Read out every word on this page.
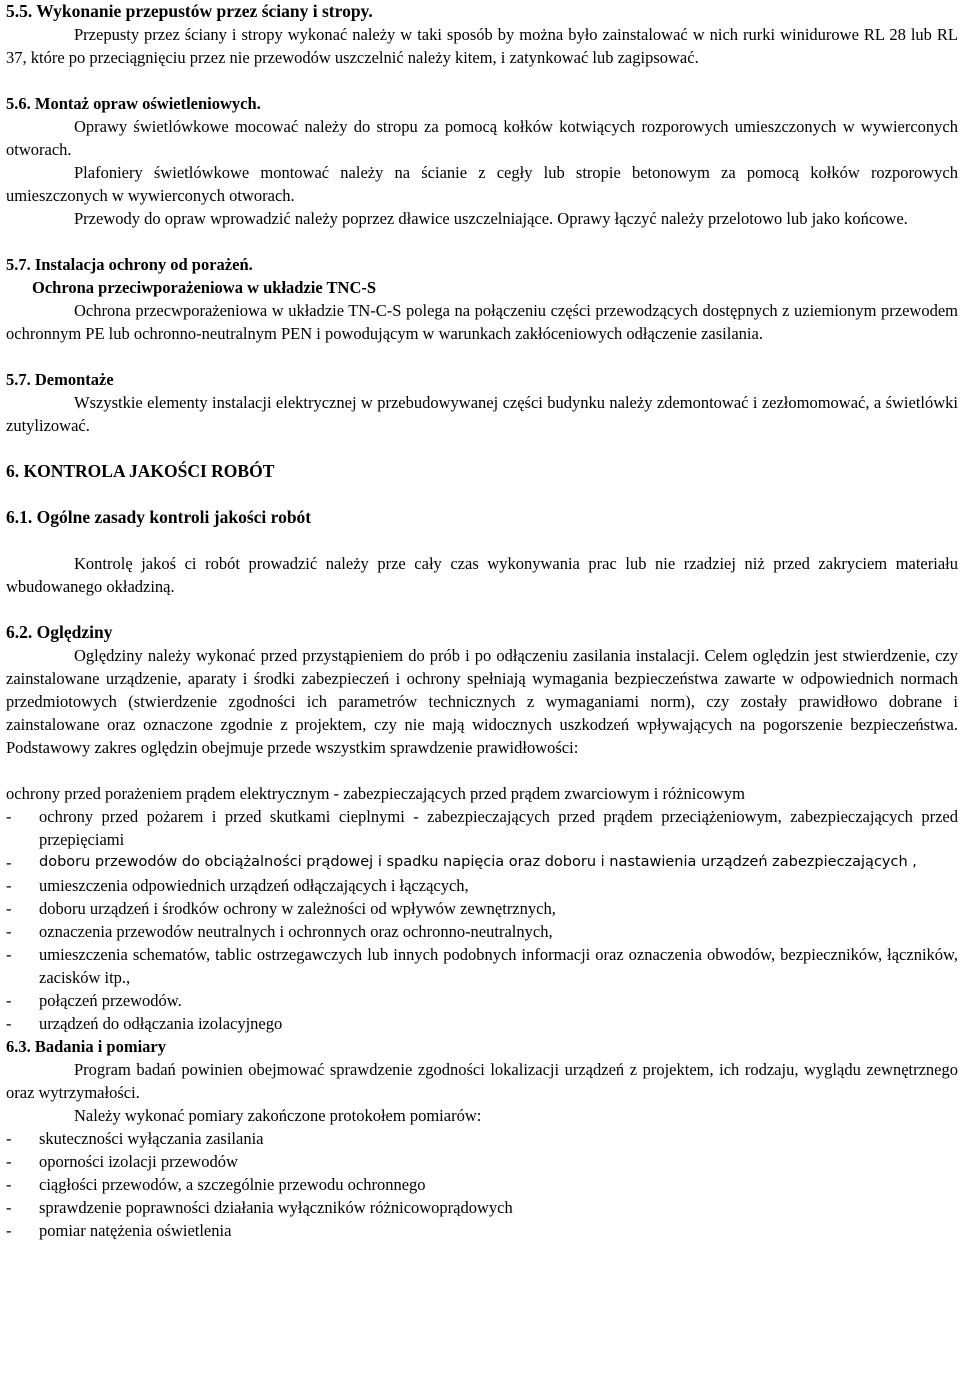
5.5. Wykonanie przepustów przez ściany i stropy.

Przepusty przez ściany i stropy wykonać należy w taki sposób by można było zainstalować w nich rurki winidurowe RL 28 lub RL 37, które po przeciągnięciu przez nie przewodów uszczelnić należy kitem, i zatynkować lub zagipsować.

5.6. Montaż opraw oświetleniowych.

Oprawy świetlówkowe mocować należy do stropu za pomocą kołków kotwiących rozporowych umieszczonych w wywierconych otworach.

Plafoniery świetlówkowe montować należy na ścianie z cegły lub stropie betonowym za pomocą kołków rozporowych umieszczonych w wywierconych otworach.

Przewody do opraw wprowadzić należy poprzez dławice uszczelniające. Oprawy łączyć należy przelotowo lub jako końcowe.

5.7. Instalacja ochrony od porażeń.
Ochrona przeciwporażeniowa w układzie TNC-S

Ochrona przecwporażeniowa w układzie TN-C-S polega na połączeniu części przewodzących dostępnych z uziemionym przewodem ochronnym PE lub ochronno-neutralnym PEN i powodującym w warunkach zakłóceniowych odłączenie zasilania.

5.7. Demontaże

Wszystkie elementy instalacji elektrycznej w przebudowywanej części budynku należy zdemontować i zezłomomować, a świetlówki zutylizować.

6. KONTROLA JAKOŚCI ROBÓT
6.1. Ogólne zasady kontroli jakości robót

Kontrolę jakoś ci robót prowadzić należy prze cały czas wykonywania prac lub nie rzadziej niż przed zakryciem materiału wbudowanego okładziną.

6.2. Oględziny

Oględziny należy wykonać przed przystąpieniem do prób i po odłączeniu zasilania instalacji. Celem oględzin jest stwierdzenie, czy zainstalowane urządzenie, aparaty i środki zabezpieczeń i ochrony spełniają wymagania bezpieczeństwa zawarte w odpowiednich normach przedmiotowych (stwierdzenie zgodności ich parametrów technicznych z wymaganiami norm), czy zostały prawidłowo dobrane i zainstalowane oraz oznaczone zgodnie z projektem, czy nie mają widocznych uszkodzeń wpływających na pogorszenie bezpieczeństwa. Podstawowy zakres oględzin obejmuje przede wszystkim sprawdzenie prawidłowości:

ochrony przed porażeniem prądem elektrycznym - zabezpieczających przed prądem zwarciowym i różnicowym

-	ochrony przed pożarem i przed skutkami cieplnymi - zabezpieczających przed prądem przeciążeniowym, zabezpieczających przed przepięciami
-	doboru przewodów do obciążalności prądowej i spadku napięcia oraz doboru i nastawienia urządzeń zabezpieczających ,
-	umieszczenia odpowiednich urządzeń odłączających i łączących,
-	doboru urządzeń i środków ochrony w zależności od wpływów zewnętrznych,
-	oznaczenia przewodów neutralnych i ochronnych oraz ochronno-neutralnych,
-	umieszczenia schematów, tablic ostrzegawczych lub innych podobnych informacji oraz oznaczenia obwodów, bezpieczników, łączników, zacisków itp.,
-	połączeń przewodów.
-	urządzeń do odłączania izolacyjnego
6.3. Badania i pomiary

Program badań powinien obejmować sprawdzenie zgodności lokalizacji urządzeń z projektem, ich rodzaju, wyglądu zewnętrznego oraz wytrzymałości.

Należy wykonać pomiary zakończone protokołem pomiarów:

-	skuteczności wyłączania zasilania
-	oporności izolacji przewodów
-	ciągłości przewodów, a szczególnie przewodu ochronnego
-	sprawdzenie poprawności działania wyłączników różnicowoprądowych
-	pomiar natężenia oświetlenia
